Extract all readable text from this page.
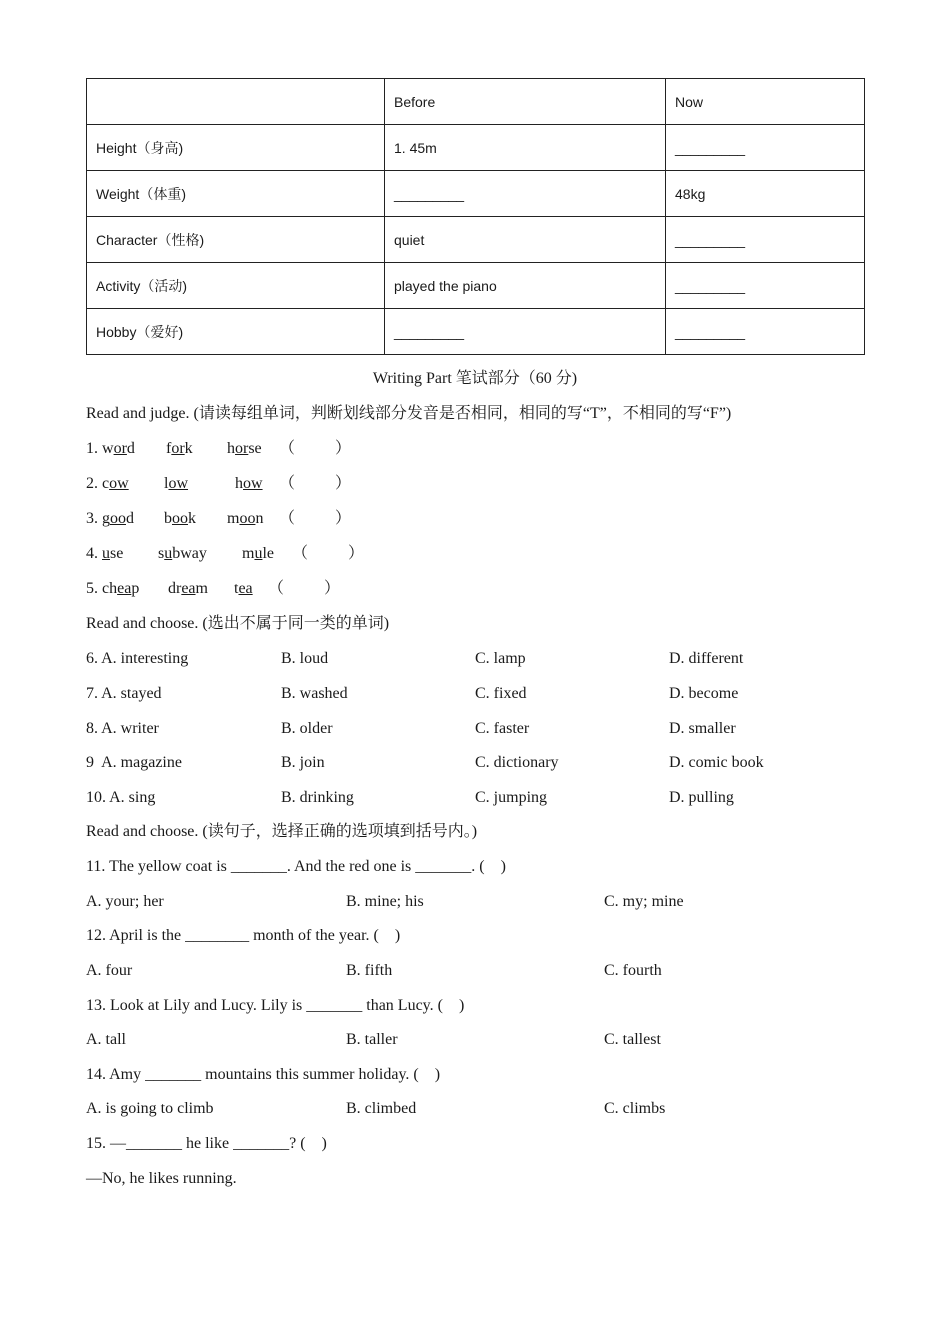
	Before	Now
Height（身高)	1. 45m	_________
Weight（体重)	_________	48kg
Character（性格)	quiet	_________
Activity（活动)	played the piano	_________
Hobby（爱好)	_________	_________
Writing Part 笔试部分（60 分)
Read and judge. (请读每组单词，判断划线部分发音是否相同，相同的写“T”，不相同的写“F”)
1. word fork horse （	）
2. cow low	how （	）
3. good book moon （	）
4. use subway mule （	）
5. cheap dream tea （	）
Read and choose. (选出不属于同一类的单词)
6. A. interesting	B. loud	C. lamp	D. different
7. A. stayed	B. washed	C. fixed	D. become
8. A. writer	B. older	C. faster	D. smaller
9  A. magazine	B. join	C. dictionary	D. comic book
10. A. sing	B. drinking	C. jumping	D. pulling
Read and choose. (读句子，选择正确的选项填到括号内。)
11. The yellow coat is _______. And the red one is _______. (    )
A. your; her	B. mine; his	C. my; mine
12. April is the ________ month of the year. (    )
A. four	B. fifth	C. fourth
13. Look at Lily and Lucy. Lily is _______ than Lucy. (    )
A. tall	B. taller	C. tallest
14. Amy _______ mountains this summer holiday. (    )
A. is going to climb	B. climbed	C. climbs
15. —_______ he like _______? (    )
—No, he likes running.
